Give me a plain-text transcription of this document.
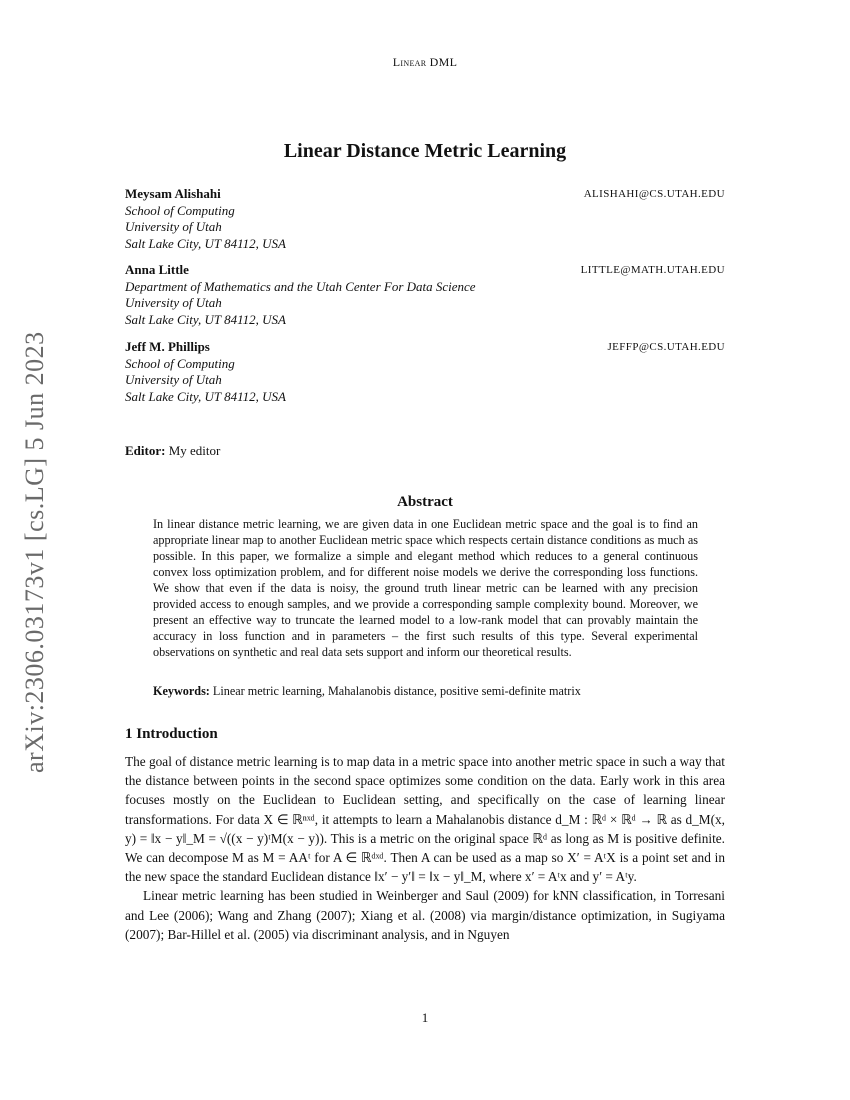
Linear DML
arXiv:2306.03173v1 [cs.LG] 5 Jun 2023
Linear Distance Metric Learning
Meysam Alishahi	ALISHAHI@CS.UTAH.EDU
School of Computing
University of Utah
Salt Lake City, UT 84112, USA
Anna Little	LITTLE@MATH.UTAH.EDU
Department of Mathematics and the Utah Center For Data Science
University of Utah
Salt Lake City, UT 84112, USA
Jeff M. Phillips	JEFFP@CS.UTAH.EDU
School of Computing
University of Utah
Salt Lake City, UT 84112, USA
Editor: My editor
Abstract
In linear distance metric learning, we are given data in one Euclidean metric space and the goal is to find an appropriate linear map to another Euclidean metric space which respects certain distance conditions as much as possible. In this paper, we formalize a simple and elegant method which reduces to a general continuous convex loss optimization problem, and for different noise models we derive the corresponding loss functions. We show that even if the data is noisy, the ground truth linear metric can be learned with any precision provided access to enough samples, and we provide a corresponding sample complexity bound. Moreover, we present an effective way to truncate the learned model to a low-rank model that can provably maintain the accuracy in loss function and in parameters – the first such results of this type. Several experimental observations on synthetic and real data sets support and inform our theoretical results.
Keywords: Linear metric learning, Mahalanobis distance, positive semi-definite matrix
1 Introduction

The goal of distance metric learning is to map data in a metric space into another metric space in such a way that the distance between points in the second space optimizes some condition on the data. Early work in this area focuses mostly on the Euclidean to Euclidean setting, and specifically on the case of learning linear transformations. For data X ∈ ℝⁿˣᵈ, it attempts to learn a Mahalanobis distance d_M : ℝᵈ × ℝᵈ → ℝ as d_M(x, y) = ‖x − y‖_M = √((x − y)ᵗM(x − y)). This is a metric on the original space ℝᵈ as long as M is positive definite. We can decompose M as M = AAᵗ for A ∈ ℝᵈˣᵈ. Then A can be used as a map so X′ = AᵗX is a point set and in the new space the standard Euclidean distance ‖x′ − y′‖ = ‖x − y‖_M, where x′ = Aᵗx and y′ = Aᵗy.

Linear metric learning has been studied in Weinberger and Saul (2009) for kNN classification, in Torresani and Lee (2006); Wang and Zhang (2007); Xiang et al. (2008) via margin/distance optimization, in Sugiyama (2007); Bar-Hillel et al. (2005) via discriminant analysis, and in Nguyen

1
